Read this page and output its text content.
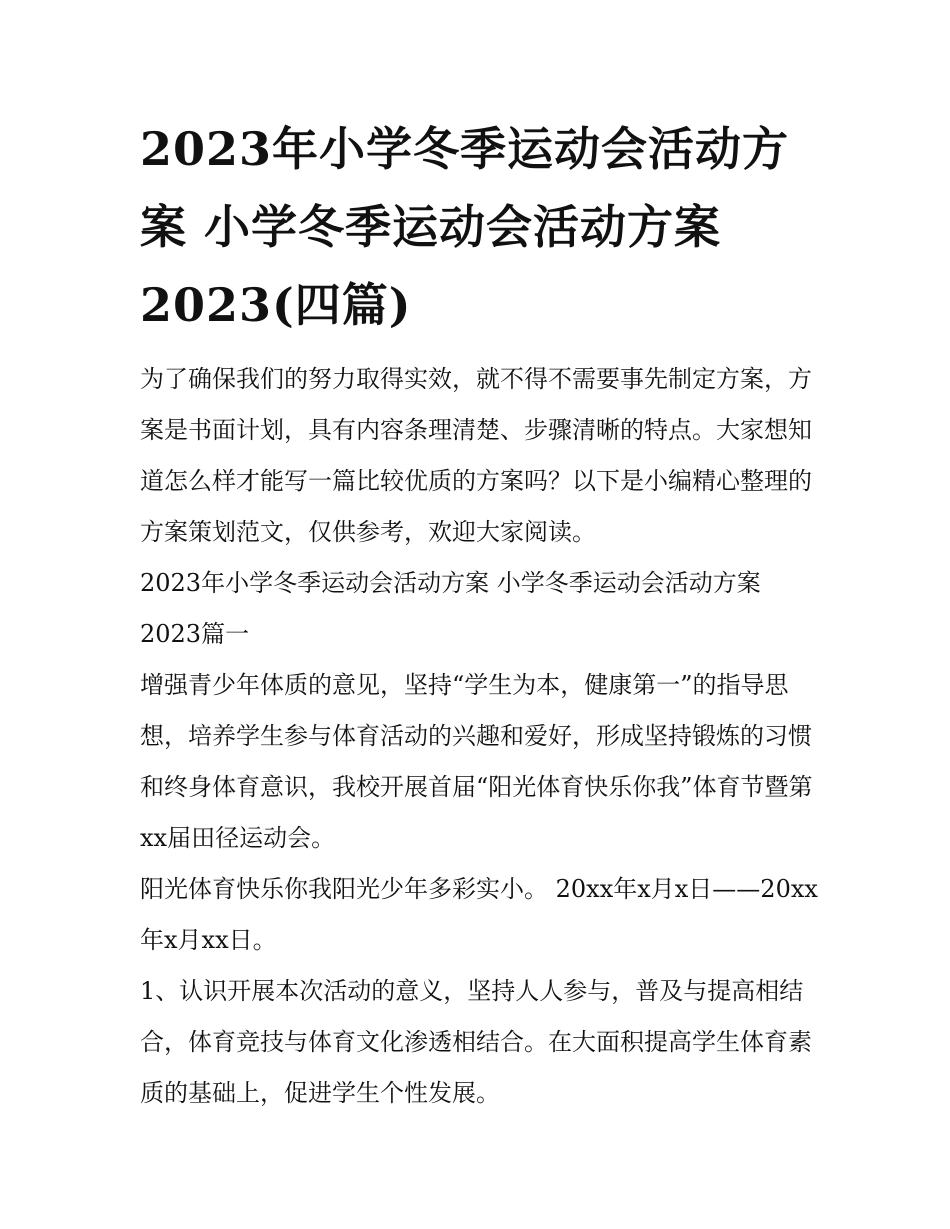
2023年小学冬季运动会活动方案 小学冬季运动会活动方案2023(四篇)

为了确保我们的努力取得实效，就不得不需要事先制定方案，方案是书面计划，具有内容条理清楚、步骤清晰的特点。大家想知道怎么样才能写一篇比较优质的方案吗？以下是小编精心整理的方案策划范文，仅供参考，欢迎大家阅读。

2023年小学冬季运动会活动方案 小学冬季运动会活动方案2023篇一

增强青少年体质的意见，坚持“学生为本，健康第一”的指导思想，培养学生参与体育活动的兴趣和爱好，形成坚持锻炼的习惯和终身体育意识，我校开展首届“阳光体育快乐你我”体育节暨第xx届田径运动会。

阳光体育快乐你我阳光少年多彩实小。 20xx年x月x日——20xx年x月xx日。

1、认识开展本次活动的意义，坚持人人参与，普及与提高相结合，体育竞技与体育文化渗透相结合。在大面积提高学生体育素质的基础上，促进学生个性发展。
